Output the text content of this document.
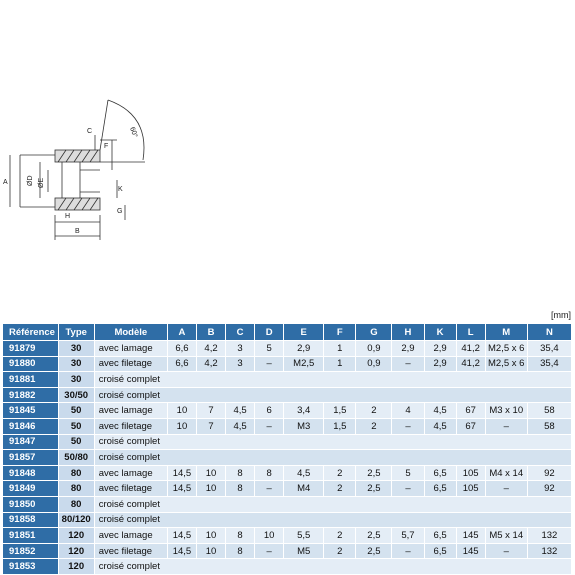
60°
A	ØD ØE
H
B
C
F
K
G
[mm]
Référence	Type	Modèle	A	B	C	D	E	F	G	H	K	L	M	N
91879	30	avec lamage	6,6	4,2	3	5	2,9	1	0,9	2,9	2,9	41,2	M2,5 x 6	35,4
91880	30	avec filetage	6,6	4,2	3	–	M2,5	1	0,9	–	2,9	41,2	M2,5 x 6	35,4
91881	30	croisé complet												
91882	30/50	croisé complet												
91845	50	avec lamage	10	7	4,5	6	3,4	1,5	2	4	4,5	67	M3 x 10	58
91846	50	avec filetage	10	7	4,5	–	M3	1,5	2	–	4,5	67	–	58
91847	50	croisé complet												
91857	50/80	croisé complet												
91848	80	avec lamage	14,5	10	8	8	4,5	2	2,5	5	6,5	105	M4 x 14	92
91849	80	avec filetage	14,5	10	8	–	M4	2	2,5	–	6,5	105	–	92
91850	80	croisé complet												
91858	80/120	croisé complet												
91851	120	avec lamage	14,5	10	8	10	5,5	2	2,5	5,7	6,5	145	M5 x 14	132
91852	120	avec filetage	14,5	10	8	–	M5	2	2,5	–	6,5	145	–	132
91853	120	croisé complet												
